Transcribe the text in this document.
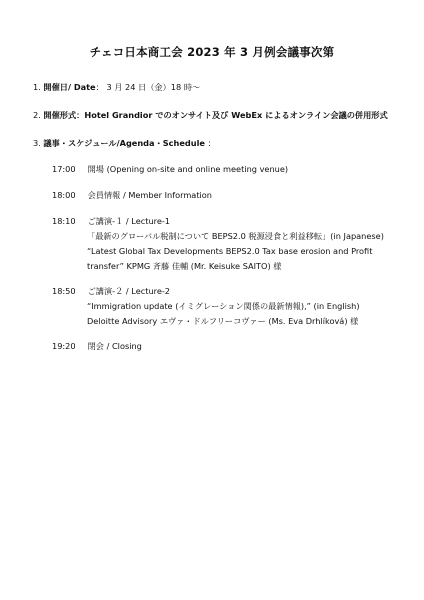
チェコ日本商工会 2023 年 3 月例会議事次第
1. 開催日/ Date： 3 月 24 日（金）18 時～
2. 開催形式：Hotel Grandior でのオンサイト及び WebEx によるオンライン会議の併用形式
3. 議事・スケジュール/Agenda・Schedule ：
17:00 開場 (Opening on-site and online meeting venue)
18:00 会員情報 / Member Information
18:10 ご講演-１ / Lecture-1
「最新のグローバル税制について BEPS2.0 税源浸食と利益移転」(in Japanese)
“Latest Global Tax Developments BEPS2.0 Tax base erosion and Profit
transfer” KPMG 斉藤 佳輔 (Mr. Keisuke SAITO) 様
18:50 ご講演-２ / Lecture-2
“Immigration update (イミグレーション関係の最新情報),” (in English)
Deloitte Advisory エヴァ・ドルフリーコヴァー (Ms. Eva Drhlíková) 様
19:20 閉会 / Closing
